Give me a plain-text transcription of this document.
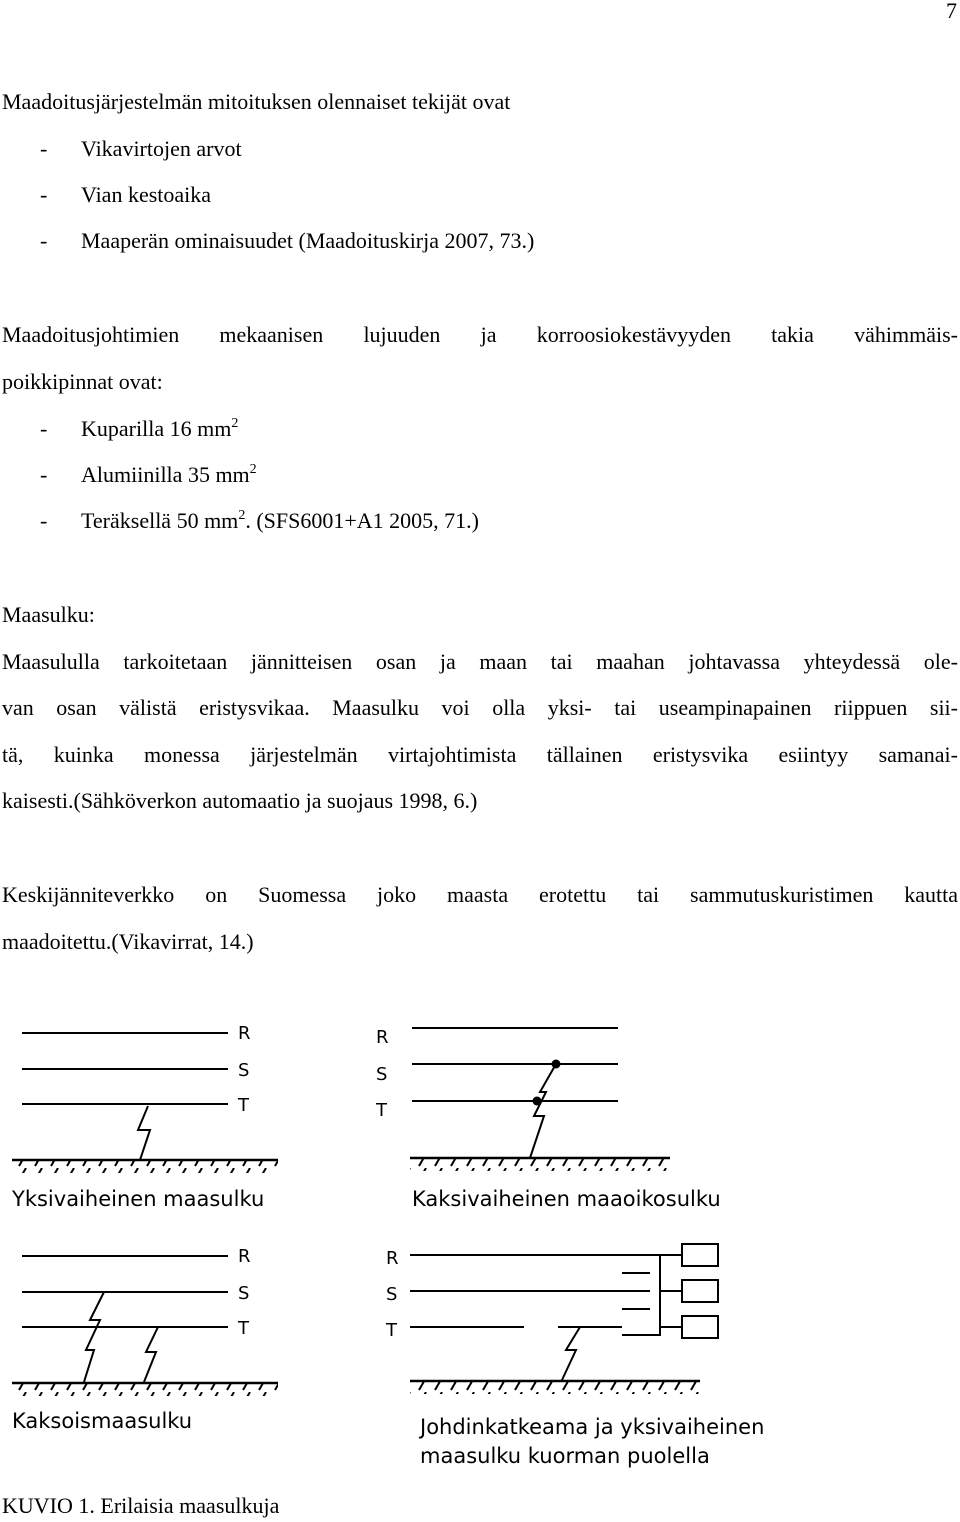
7

Maadoitusjärjestelmän mitoituksen olennaiset tekijät ovat

- Vikavirtojen arvot
- Vian kestoaika
- Maaperän ominaisuudet (Maadoituskirja 2007, 73.)
Maadoitusjohtimien mekaanisen lujuuden ja korroosiokestävyyden takia vähimmäis-

poikkipinnat ovat:

- Kuparilla 16 $mm^2$
- Alumiinilla 35 $mm^2$
- Teräksellä 50 $mm^2$. (SFS6001+A1 2005, 71.)

Maasulku:

Maasululla tarkoitetaan jännitteisen osan ja maan tai maahan johtavassa yhteydessä ole-
van osan välistä eristysvikaa. Maasulku voi olla yksi- tai useampinapainen riippuen sii-
tä, kuinka monessa järjestelmän virtajohtimista tällainen eristysvika esiintyy samanai-
kaisesti.(Sähköverkon automaatio ja suojaus 1998, 6.)
Keskijänniteverkko on Suomessa joko maasta erotettu tai sammutuskuristimen kautta
maadoitettu.(Vikavirrat, 14.)
R
S
T
Yksivaiheinen maasulku
R
S
T
Kaksivaiheinen maaoikosulku
R
S
T
Kaksoismaasulku
R
S
T
Johdinkatkeama ja yksivaiheinen
maasulku kuorman puolella
KUVIO 1. Erilaisia maasulkuja
